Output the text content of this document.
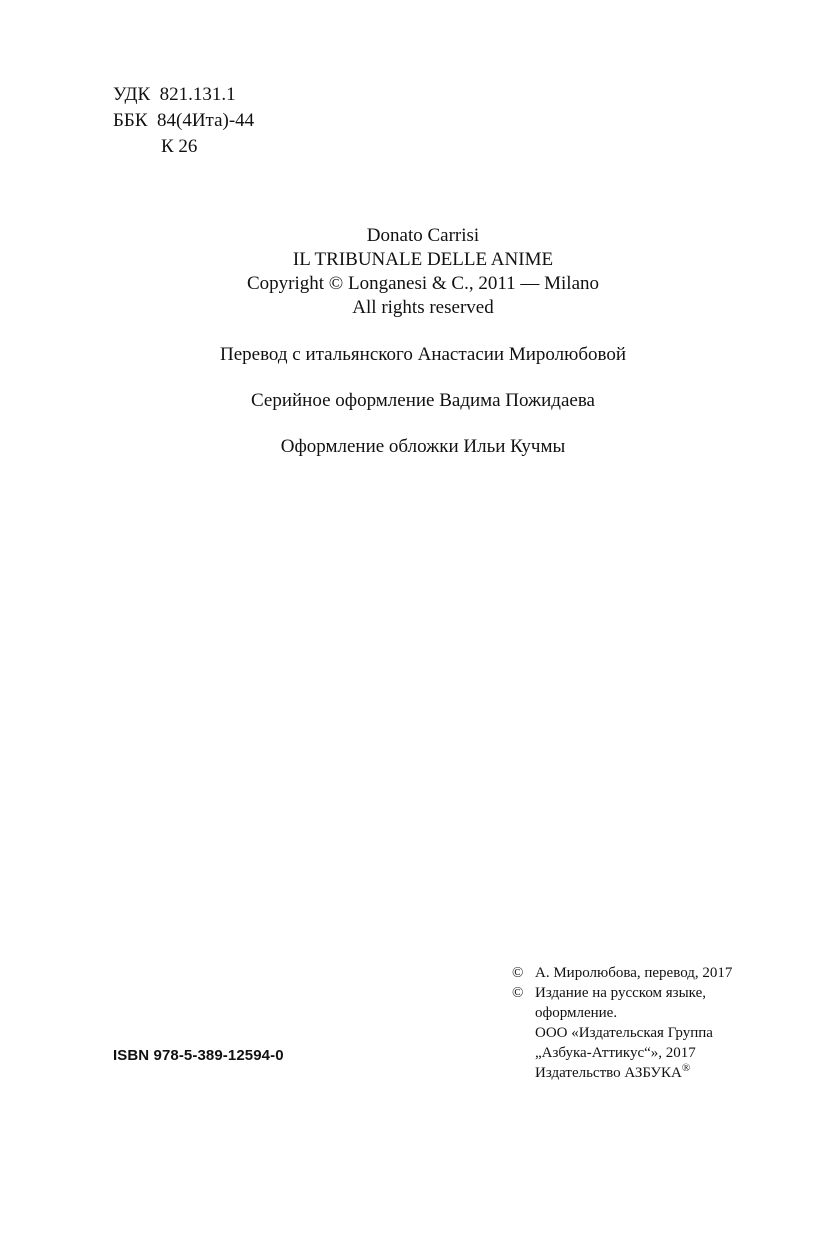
УДК  821.131.1
ББК  84(4Ита)-44
К 26
Donato Carrisi
IL TRIBUNALE DELLE ANIME
Copyright © Longanesi & C., 2011 — Milano
All rights reserved
Перевод с итальянского Анастасии Миролюбовой
Серийное оформление Вадима Пожидаева
Оформление обложки Ильи Кучмы
ISBN 978-5-389-12594-0
© А. Миролюбова, перевод, 2017
© Издание на русском языке,
оформление.
ООО «Издательская Группа
„Азбука-Аттикус“», 2017
Издательство АЗБУКА®
